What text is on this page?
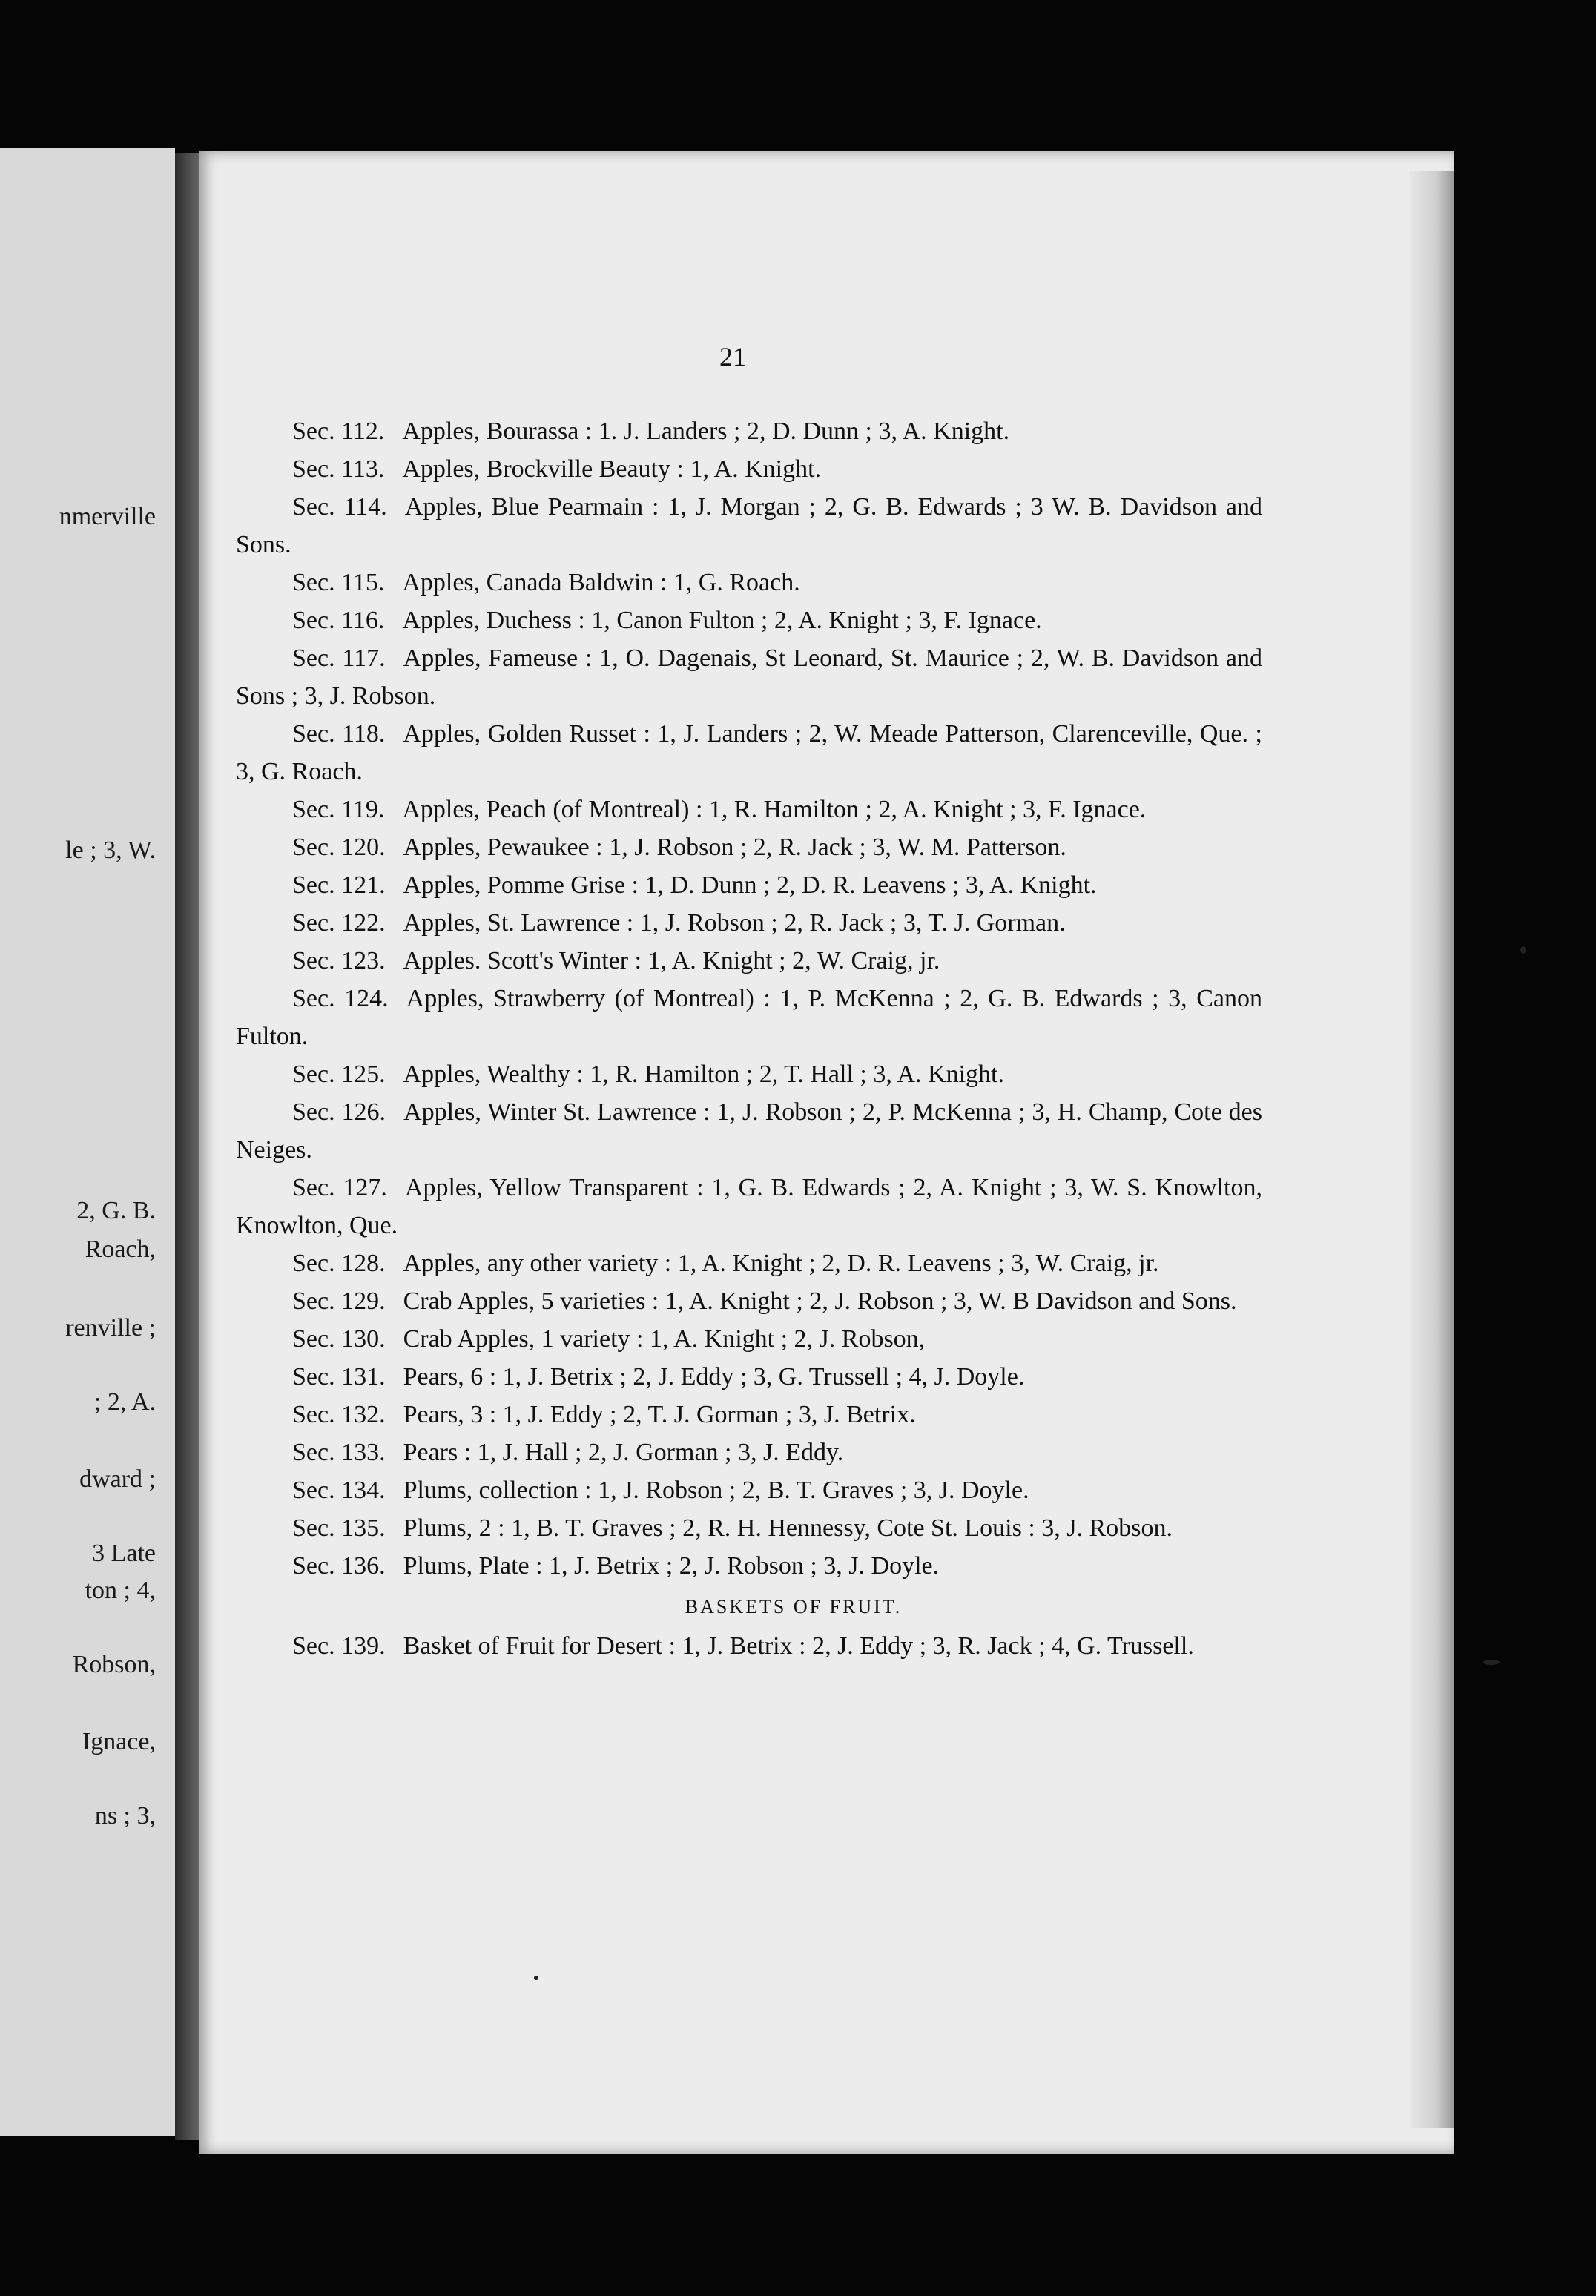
nmerville
le ; 3, W.
2, G. B.
Roach,
renville ;
; 2, A.
dward ;
3 Late
ton ; 4,
Robson,
Ignace,
ns ; 3,
21

Sec. 112. Apples, Bourassa : 1. J. Landers ; 2, D. Dunn ; 3, A. Knight.

Sec. 113. Apples, Brockville Beauty : 1, A. Knight.

Sec. 114. Apples, Blue Pearmain : 1, J. Morgan ; 2, G. B. Edwards ; 3 W. B. Davidson and Sons.

Sec. 115. Apples, Canada Baldwin : 1, G. Roach.

Sec. 116. Apples, Duchess : 1, Canon Fulton ; 2, A. Knight ; 3, F. Ignace.

Sec. 117. Apples, Fameuse : 1, O. Dagenais, St Leonard, St. Maurice ; 2, W. B. Davidson and Sons ; 3, J. Robson.

Sec. 118. Apples, Golden Russet : 1, J. Landers ; 2, W. Meade Patterson, Clarenceville, Que. ; 3, G. Roach.

Sec. 119. Apples, Peach (of Montreal) : 1, R. Hamilton ; 2, A. Knight ; 3, F. Ignace.

Sec. 120. Apples, Pewaukee : 1, J. Robson ; 2, R. Jack ; 3, W. M. Patterson.

Sec. 121. Apples, Pomme Grise : 1, D. Dunn ; 2, D. R. Leavens ; 3, A. Knight.

Sec. 122. Apples, St. Lawrence : 1, J. Robson ; 2, R. Jack ; 3, T. J. Gorman.

Sec. 123. Apples. Scott's Winter : 1, A. Knight ; 2, W. Craig, jr.

Sec. 124. Apples, Strawberry (of Montreal) : 1, P. McKenna ; 2, G. B. Edwards ; 3, Canon Fulton.

Sec. 125. Apples, Wealthy : 1, R. Hamilton ; 2, T. Hall ; 3, A. Knight.

Sec. 126. Apples, Winter St. Lawrence : 1, J. Robson ; 2, P. McKenna ; 3, H. Champ, Cote des Neiges.

Sec. 127. Apples, Yellow Transparent : 1, G. B. Edwards ; 2, A. Knight ; 3, W. S. Knowlton, Knowlton, Que.

Sec. 128. Apples, any other variety : 1, A. Knight ; 2, D. R. Leavens ; 3, W. Craig, jr.

Sec. 129. Crab Apples, 5 varieties : 1, A. Knight ; 2, J. Robson ; 3, W. B Davidson and Sons.

Sec. 130. Crab Apples, 1 variety : 1, A. Knight ; 2, J. Robson,

Sec. 131. Pears, 6 : 1, J. Betrix ; 2, J. Eddy ; 3, G. Trussell ; 4, J. Doyle.

Sec. 132. Pears, 3 : 1, J. Eddy ; 2, T. J. Gorman ; 3, J. Betrix.

Sec. 133. Pears : 1, J. Hall ; 2, J. Gorman ; 3, J. Eddy.

Sec. 134. Plums, collection : 1, J. Robson ; 2, B. T. Graves ; 3, J. Doyle.

Sec. 135. Plums, 2 : 1, B. T. Graves ; 2, R. H. Hennessy, Cote St. Louis : 3, J. Robson.

Sec. 136. Plums, Plate : 1, J. Betrix ; 2, J. Robson ; 3, J. Doyle.

BASKETS OF FRUIT.

Sec. 139. Basket of Fruit for Desert : 1, J. Betrix : 2, J. Eddy ; 3, R. Jack ; 4, G. Trussell.
